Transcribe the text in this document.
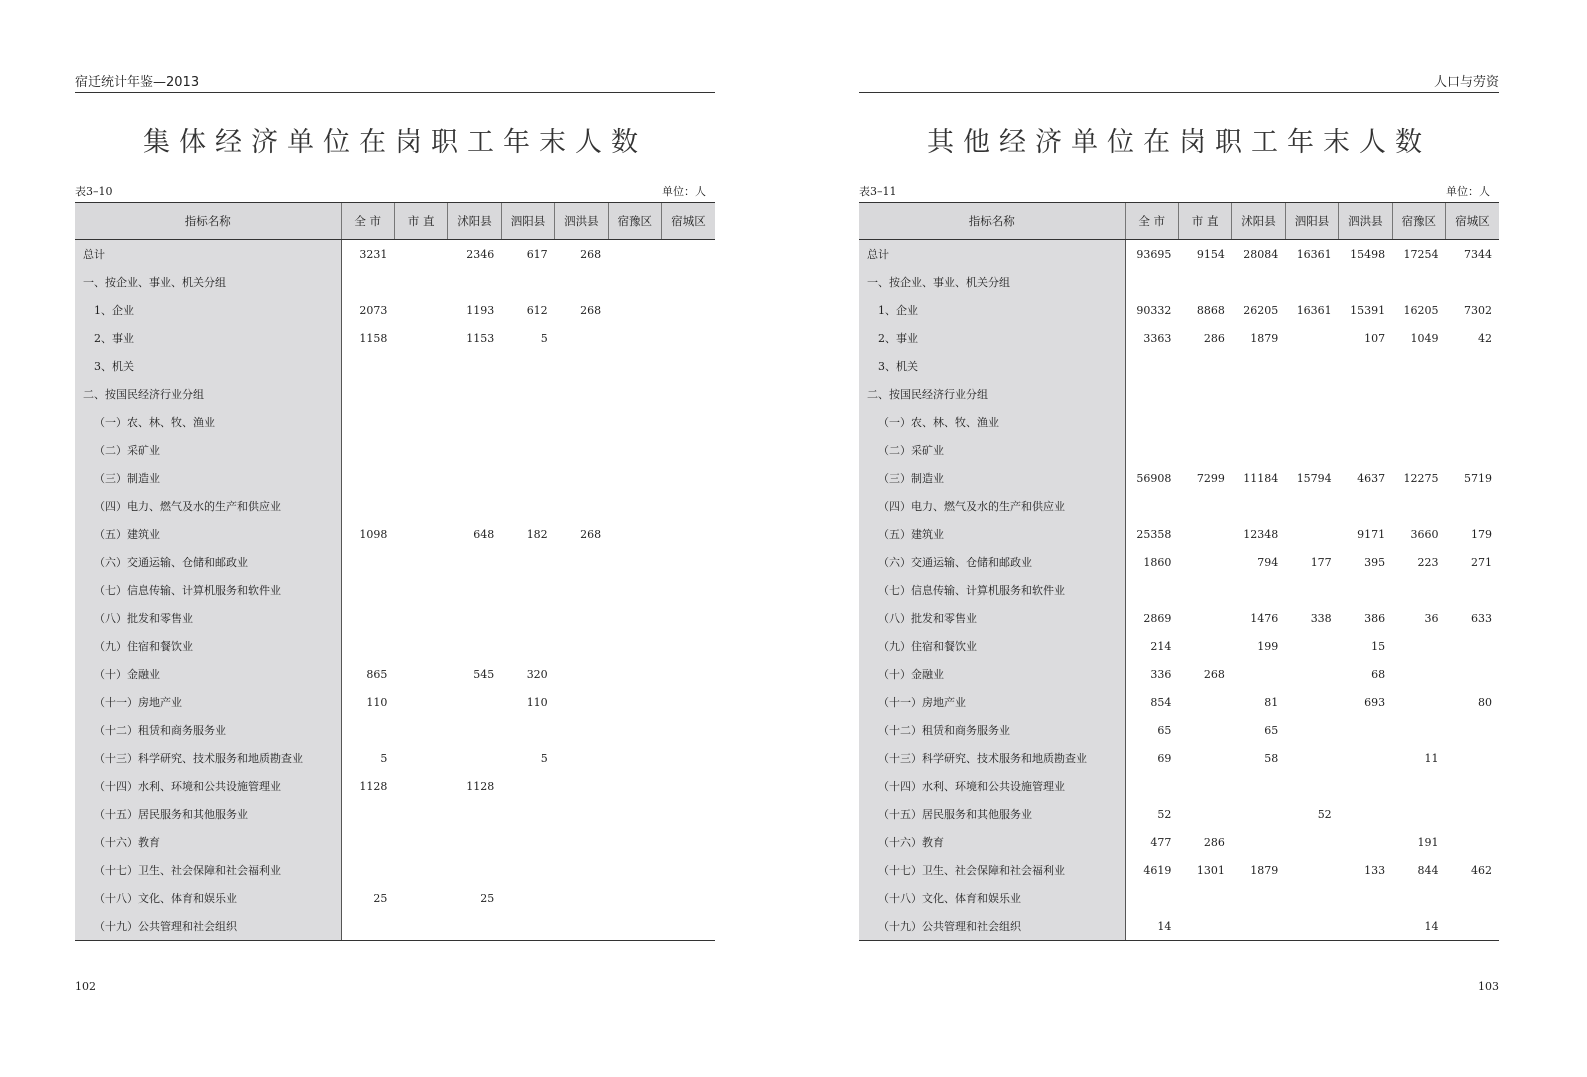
宿迁统计年鉴—2013
集体经济单位在岗职工年末人数
表3–10	单位：人
指标名称	全 市	市 直	沭阳县	泗阳县	泗洪县	宿豫区	宿城区
总计	3231		2346	617	268		
一、按企业、事业、机关分组							
1、企业	2073		1193	612	268		
2、事业	1158		1153	5			
3、机关							
二、按国民经济行业分组							
（一）农、林、牧、渔业							
（二）采矿业							
（三）制造业							
（四）电力、燃气及水的生产和供应业							
（五）建筑业	1098		648	182	268		
（六）交通运输、仓储和邮政业							
（七）信息传输、计算机服务和软件业							
（八）批发和零售业							
（九）住宿和餐饮业							
（十）金融业	865		545	320			
（十一）房地产业	110			110			
（十二）租赁和商务服务业							
（十三）科学研究、技术服务和地质勘查业	5			5			
（十四）水利、环境和公共设施管理业	1128		1128				
（十五）居民服务和其他服务业							
（十六）教育							
（十七）卫生、社会保障和社会福利业							
（十八）文化、体育和娱乐业	25		25				
（十九）公共管理和社会组织							
102
人口与劳资
其他经济单位在岗职工年末人数
表3–11	单位：人
指标名称	全 市	市 直	沭阳县	泗阳县	泗洪县	宿豫区	宿城区
总计	93695	9154	28084	16361	15498	17254	7344
一、按企业、事业、机关分组							
1、企业	90332	8868	26205	16361	15391	16205	7302
2、事业	3363	286	1879		107	1049	42
3、机关							
二、按国民经济行业分组							
（一）农、林、牧、渔业							
（二）采矿业							
（三）制造业	56908	7299	11184	15794	4637	12275	5719
（四）电力、燃气及水的生产和供应业							
（五）建筑业	25358		12348		9171	3660	179
（六）交通运输、仓储和邮政业	1860		794	177	395	223	271
（七）信息传输、计算机服务和软件业							
（八）批发和零售业	2869		1476	338	386	36	633
（九）住宿和餐饮业	214		199		15		
（十）金融业	336	268			68		
（十一）房地产业	854		81		693		80
（十二）租赁和商务服务业	65		65				
（十三）科学研究、技术服务和地质勘查业	69		58			11	
（十四）水利、环境和公共设施管理业							
（十五）居民服务和其他服务业	52			52			
（十六）教育	477	286				191	
（十七）卫生、社会保障和社会福利业	4619	1301	1879		133	844	462
（十八）文化、体育和娱乐业							
（十九）公共管理和社会组织	14					14	
103
